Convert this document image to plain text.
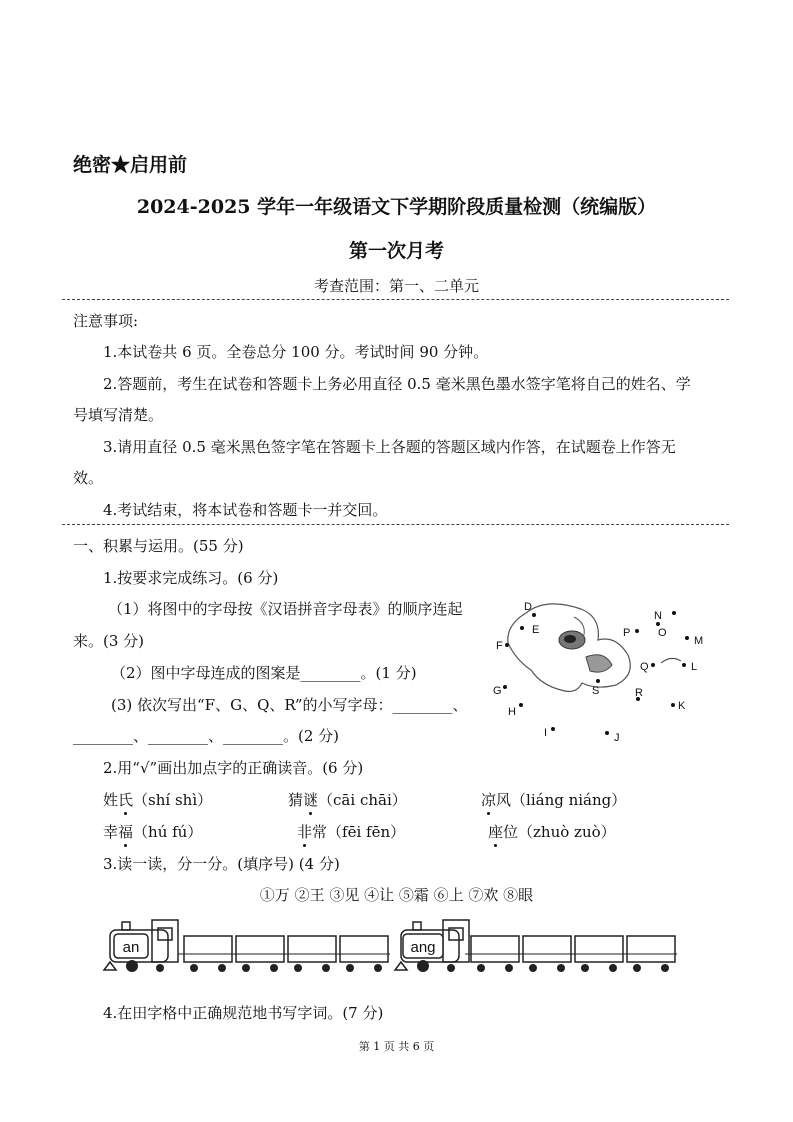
绝密★启用前
2024-2025 学年一年级语文下学期阶段质量检测（统编版）
第一次月考
考查范围：第一、二单元
注意事项:
1.本试卷共 6 页。全卷总分 100 分。考试时间 90 分钟。
2.答题前，考生在试卷和答题卡上务必用直径 0.5 毫米黑色墨水签字笔将自己的姓名、学
号填写清楚。
3.请用直径 0.5 毫米黑色签字笔在答题卡上各题的答题区域内作答，在试题卷上作答无
效。
4.考试结束，将本试卷和答题卡一并交回。
一、积累与运用。(55 分)
1.按要求完成练习。(6 分)
（1）将图中的字母按《汉语拼音字母表》的顺序连起
来。(3 分)
（2）图中字母连成的图案是________。(1 分)
(3) 依次写出“F、G、Q、R”的小写字母：________、
________、________、________。(2 分)
D
E
F
G
H
I	J
K
L
M
N
O
P
Q
R
S
2.用“√”画出加点字的正确读音。(6 分)
姓氏（shí shì）	猜谜（cāi chāi）	凉风（liáng niáng）
幸福（hú fú）	非常（fēi fēn）	座位（zhuò zuò）
3.读一读，分一分。(填序号) (4 分)
①万 ②王 ③见 ④让 ⑤霜 ⑥上 ⑦欢 ⑧眼
an	ang
4.在田字格中正确规范地书写字词。(7 分)
第 1 页 共 6 页
